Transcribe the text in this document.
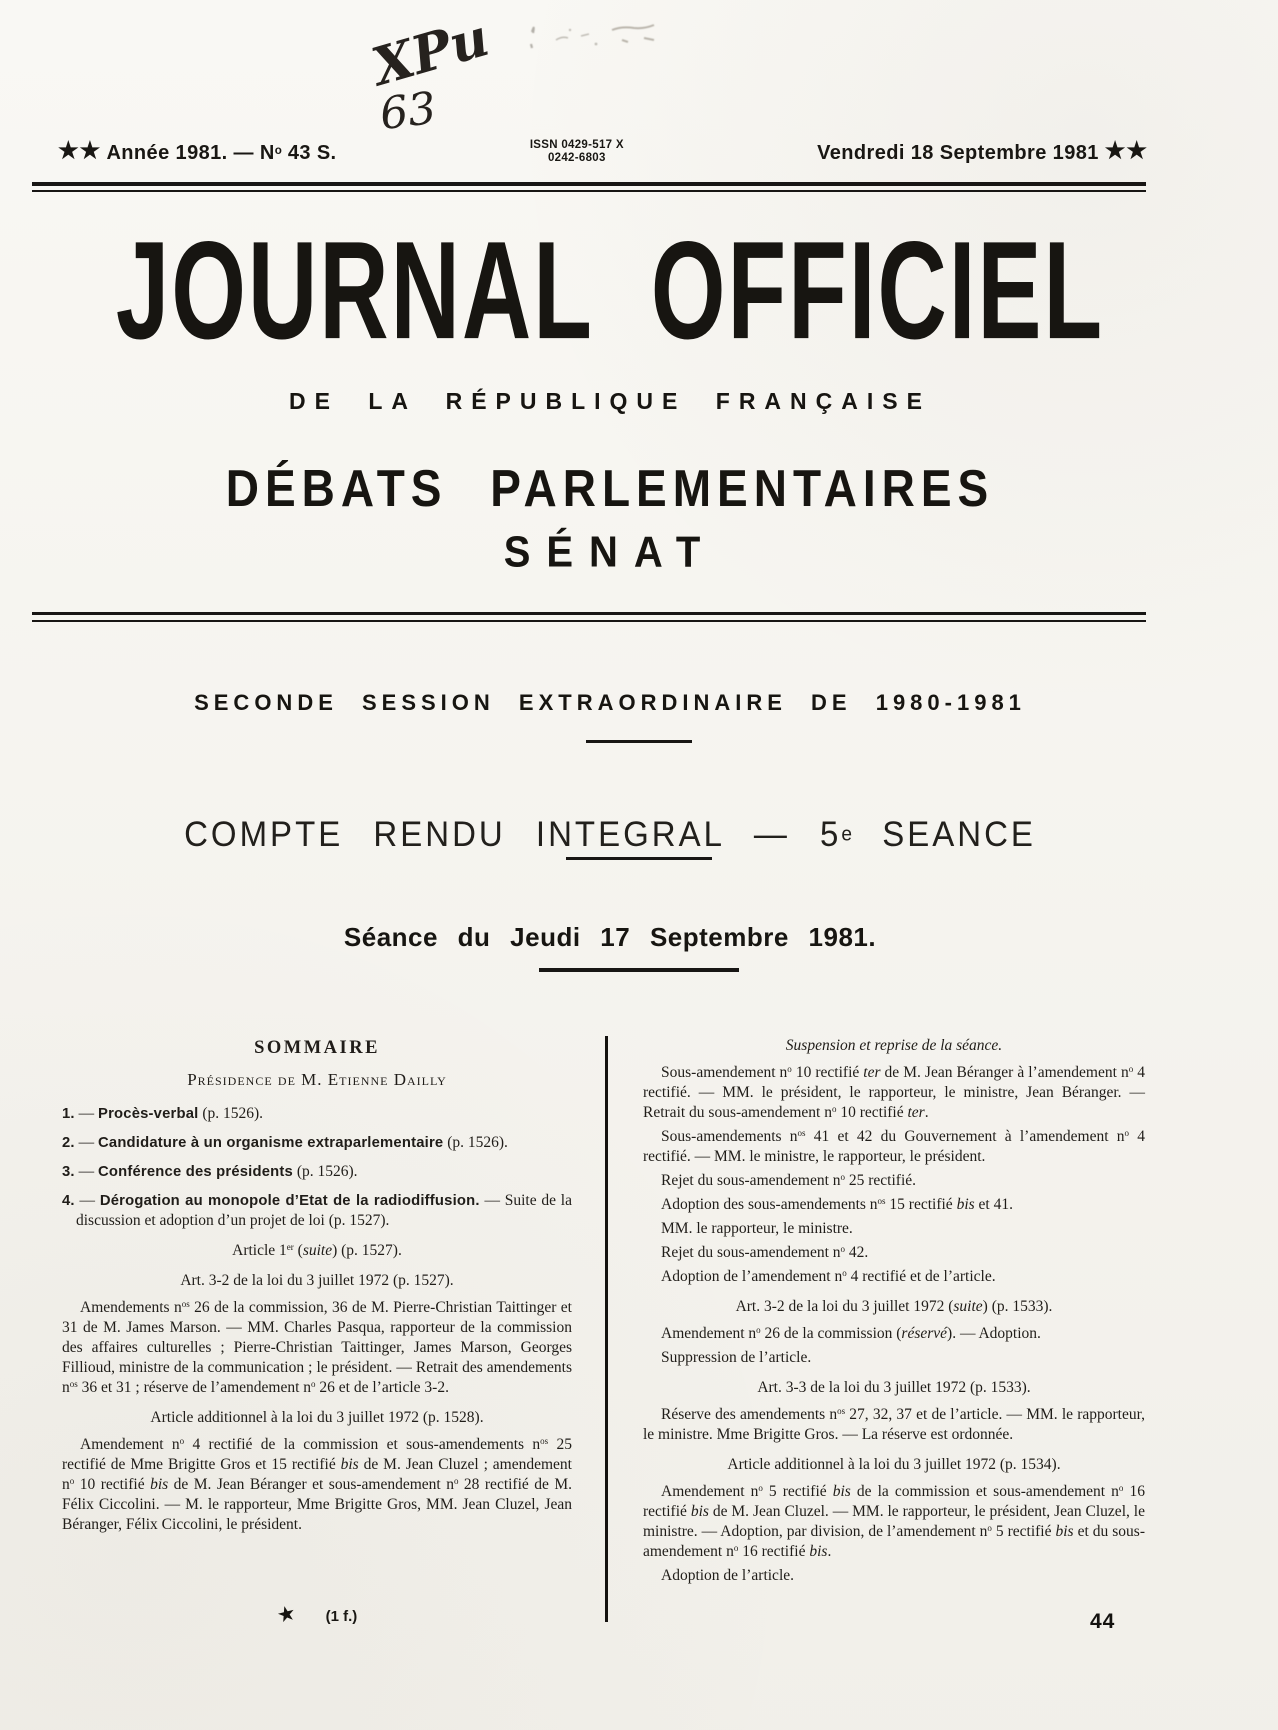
XPu
63
★★ Année 1981. — $N^o$ 43 S.	ISSN 0429-517 X
0242-6803	Vendredi 18 Septembre 1981 ★★
JOURNAL OFFICIEL
DE LA RÉPUBLIQUE FRANÇAISE
DÉBATS PARLEMENTAIRES
SÉNAT
SECONDE SESSION EXTRAORDINAIRE DE 1980-1981
COMPTE RENDU INTEGRAL — 5e SEANCE
Séance du Jeudi 17 Septembre 1981.
SOMMAIRE
Présidence de M. Etienne Dailly

1. — Procès-verbal (p. 1526).

2. — Candidature à un organisme extraparlementaire (p. 1526).

3. — Conférence des présidents (p. 1526).

4. — Dérogation au monopole d’Etat de la radiodiffusion. — Suite de la discussion et adoption d’un projet de loi (p. 1527).

Article 1er (suite) (p. 1527).

Art. 3-2 de la loi du 3 juillet 1972 (p. 1527).

Amendements $n^{os}$ 26 de la commission, 36 de M. Pierre-Christian Taittinger et 31 de M. James Marson. — MM. Charles Pasqua, rapporteur de la commission des affaires culturelles ; Pierre-Christian Taittinger, James Marson, Georges Fillioud, ministre de la communication ; le président. — Retrait des amendements $n^{os}$ 36 et 31 ; réserve de l’amendement $n^o$ 26 et de l’article 3-2.

Article additionnel à la loi du 3 juillet 1972 (p. 1528).

Amendement $n^o$ 4 rectifié de la commission et sous-amendements $n^{os}$ 25 rectifié de Mme Brigitte Gros et 15 rectifié bis de M. Jean Cluzel ; amendement $n^o$ 10 rectifié bis de M. Jean Béranger et sous-amendement $n^o$ 28 rectifié de M. Félix Ciccolini. — M. le rapporteur, Mme Brigitte Gros, MM. Jean Cluzel, Jean Béranger, Félix Ciccolini, le président.

Suspension et reprise de la séance.

Sous-amendement $n^o$ 10 rectifié ter de M. Jean Béranger à l’amendement $n^o$ 4 rectifié. — MM. le président, le rapporteur, le ministre, Jean Béranger. — Retrait du sous-amendement $n^o$ 10 rectifié ter.

Sous-amendements $n^{os}$ 41 et 42 du Gouvernement à l’amendement $n^o$ 4 rectifié. — MM. le ministre, le rapporteur, le président.

Rejet du sous-amendement $n^o$ 25 rectifié.

Adoption des sous-amendements $n^{os}$ 15 rectifié bis et 41.

MM. le rapporteur, le ministre.

Rejet du sous-amendement $n^o$ 42.

Adoption de l’amendement $n^o$ 4 rectifié et de l’article.

Art. 3-2 de la loi du 3 juillet 1972 (suite) (p. 1533).

Amendement $n^o$ 26 de la commission (réservé). — Adoption.

Suppression de l’article.

Art. 3-3 de la loi du 3 juillet 1972 (p. 1533).

Réserve des amendements $n^{os}$ 27, 32, 37 et de l’article. — MM. le rapporteur, le ministre. Mme Brigitte Gros. — La réserve est ordonnée.

Article additionnel à la loi du 3 juillet 1972 (p. 1534).

Amendement $n^o$ 5 rectifié bis de la commission et sous-amendement $n^o$ 16 rectifié bis de M. Jean Cluzel. — MM. le rapporteur, le président, Jean Cluzel, le ministre. — Adoption, par division, de l’amendement $n^o$ 5 rectifié bis et du sous-amendement $n^o$ 16 rectifié bis.

Adoption de l’article.

★ (1 f.)	44
